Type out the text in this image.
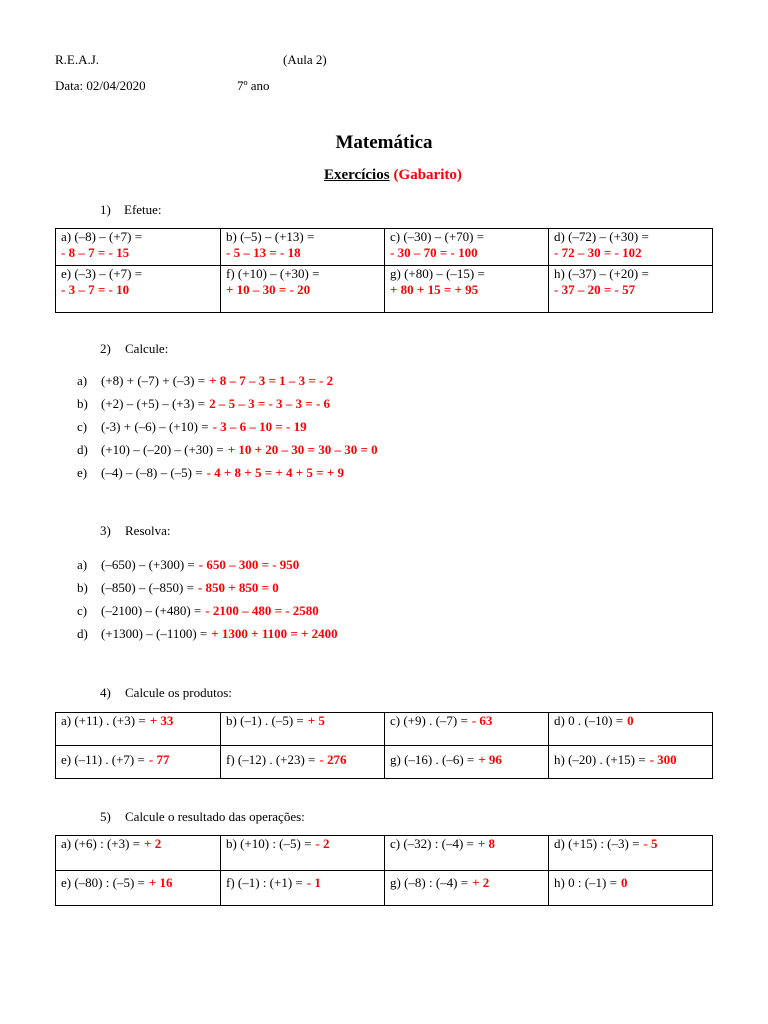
R.E.A.J.	(Aula 2)
Data: 02/04/2020	7º ano
Matemática
Exercícios (Gabarito)
1) Efetue:
a) (–8) – (+7) =
- 8 – 7 = - 15	b) (–5) – (+13) =
- 5 – 13 = - 18	c) (–30) – (+70) =
- 30 – 70 = - 100	d) (–72) – (+30) =
- 72 – 30 = - 102

e) (–3) – (+7) =
- 3 – 7 = - 10	f) (+10) – (+30) =
+ 10 – 30 = - 20	g) (+80) – (–15) =
+ 80 + 15 = + 95	h) (–37) – (+20) =
- 37 – 20 = - 57
2) Calcule:
a) (+8) + (–7) + (–3) = + 8 – 7 – 3 = 1 – 3 = - 2
b) (+2) – (+5) – (+3) = 2 – 5 – 3 = - 3 – 3 = - 6
c) (-3) + (–6) – (+10) = - 3 – 6 – 10 = - 19
d) (+10) – (–20) – (+30) = + 10 + 20 – 30 = 30 – 30 = 0
e) (–4) – (–8) – (–5) = - 4 + 8 + 5 = + 4 + 5 = + 9
3) Resolva:
a) (–650) – (+300) = - 650 – 300 = - 950
b) (–850) – (–850) = - 850 + 850 = 0
c) (–2100) – (+480) = - 2100 – 480 = - 2580
d) (+1300) – (–1100) = + 1300 + 1100 = + 2400
4) Calcule os produtos:
a) (+11) . (+3) = + 33	b) (–1) . (–5) = + 5	c) (+9) . (–7) = - 63	d) 0 . (–10) = 0
e) (–11) . (+7) = - 77	f) (–12) . (+23) = - 276	g) (–16) . (–6) = + 96	h) (–20) . (+15) = - 300
5) Calcule o resultado das operações:
a) (+6) : (+3) = + 2	b) (+10) : (–5) = - 2	c) (–32) : (–4) = + 8	d) (+15) : (–3) = - 5
e) (–80) : (–5) = + 16	f) (–1) : (+1) = - 1	g) (–8) : (–4) = + 2	h) 0 : (–1) = 0
